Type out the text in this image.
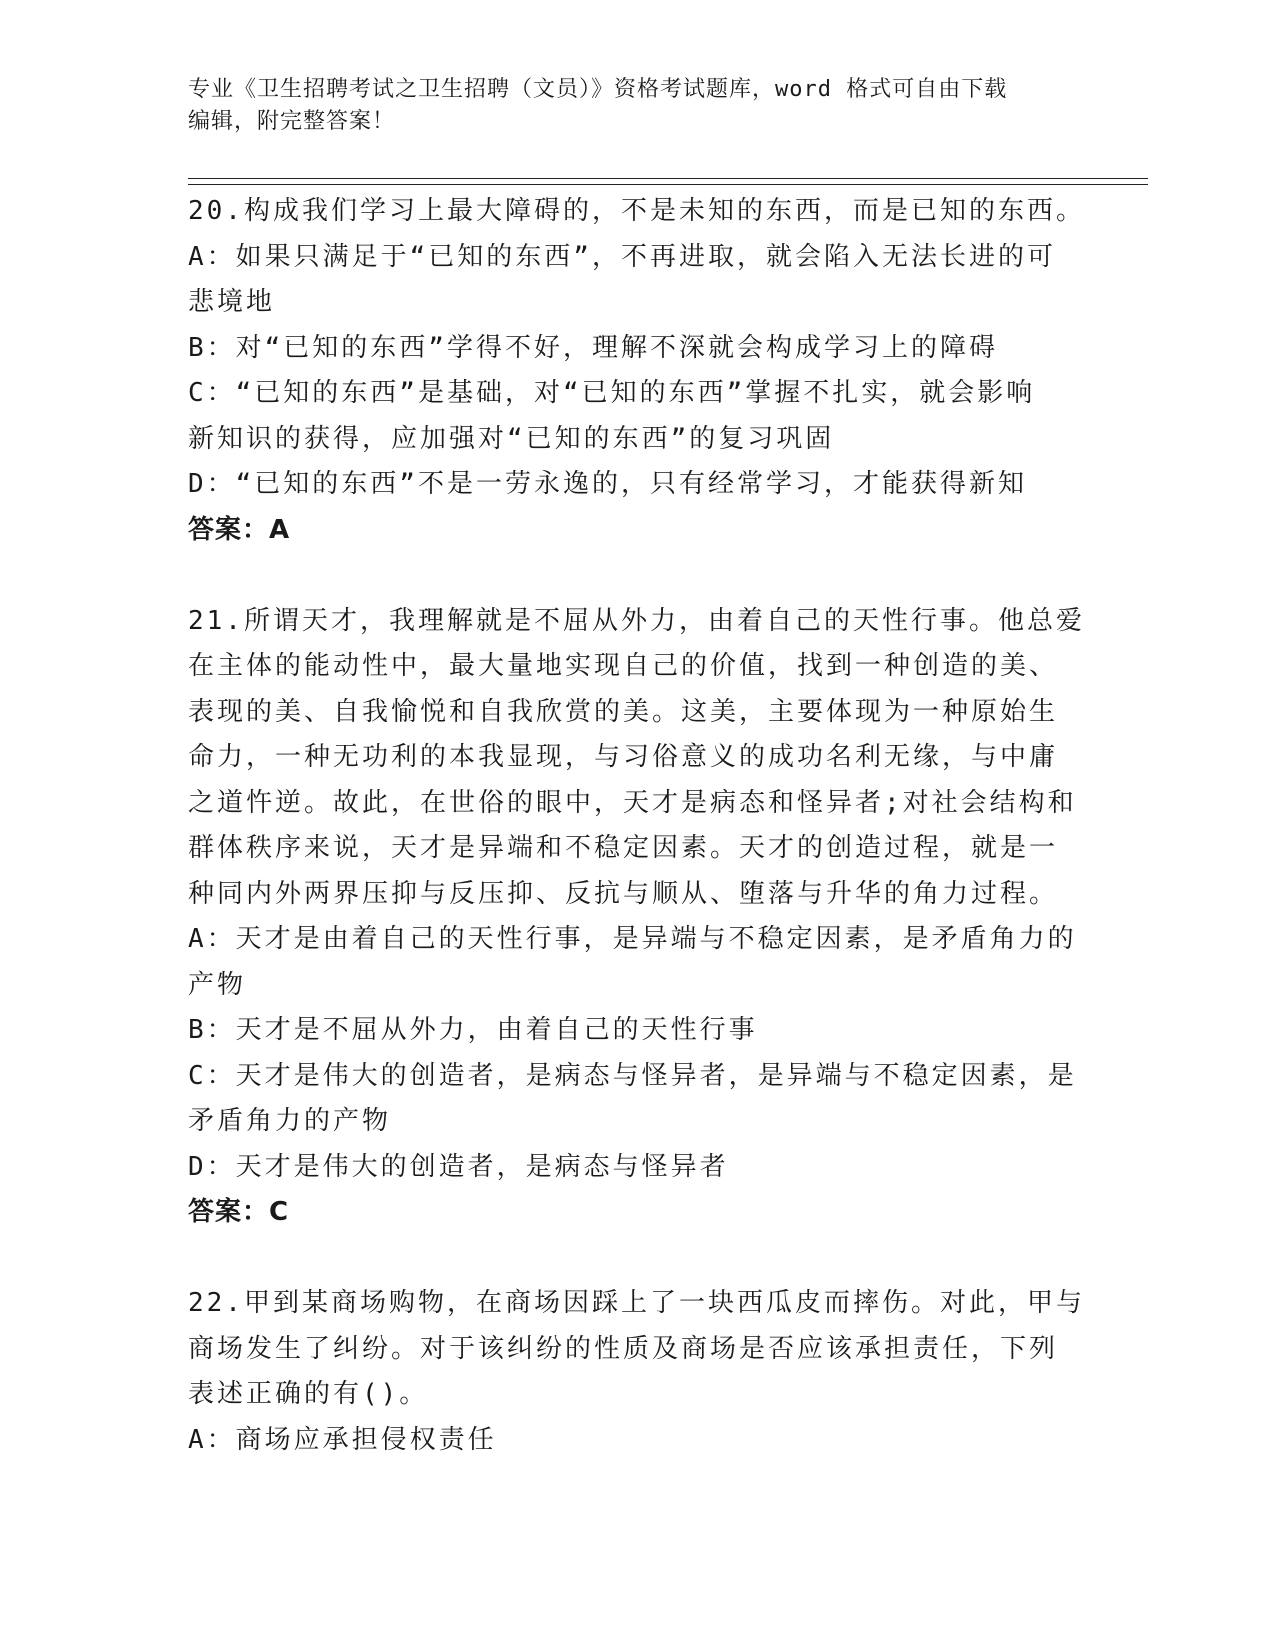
专业《卫生招聘考试之卫生招聘（文员）》资格考试题库，word 格式可自由下载
编辑，附完整答案！
20.构成我们学习上最大障碍的，不是未知的东西，而是已知的东西。
A：如果只满足于“已知的东西”，不再进取，就会陷入无法长进的可
悲境地
B：对“已知的东西”学得不好，理解不深就会构成学习上的障碍
C：“已知的东西”是基础，对“已知的东西”掌握不扎实，就会影响
新知识的获得，应加强对“已知的东西”的复习巩固
D：“已知的东西”不是一劳永逸的，只有经常学习，才能获得新知
答案：A
21.所谓天才，我理解就是不屈从外力，由着自己的天性行事。他总爱
在主体的能动性中，最大量地实现自己的价值，找到一种创造的美、
表现的美、自我愉悦和自我欣赏的美。这美，主要体现为一种原始生
命力，一种无功利的本我显现，与习俗意义的成功名利无缘，与中庸
之道忤逆。故此，在世俗的眼中，天才是病态和怪异者;对社会结构和
群体秩序来说，天才是异端和不稳定因素。天才的创造过程，就是一
种同内外两界压抑与反压抑、反抗与顺从、堕落与升华的角力过程。
A：天才是由着自己的天性行事，是异端与不稳定因素，是矛盾角力的
产物
B：天才是不屈从外力，由着自己的天性行事
C：天才是伟大的创造者，是病态与怪异者，是异端与不稳定因素，是
矛盾角力的产物
D：天才是伟大的创造者，是病态与怪异者
答案：C
22.甲到某商场购物，在商场因踩上了一块西瓜皮而摔伤。对此，甲与
商场发生了纠纷。对于该纠纷的性质及商场是否应该承担责任，下列
表述正确的有()。
A：商场应承担侵权责任
